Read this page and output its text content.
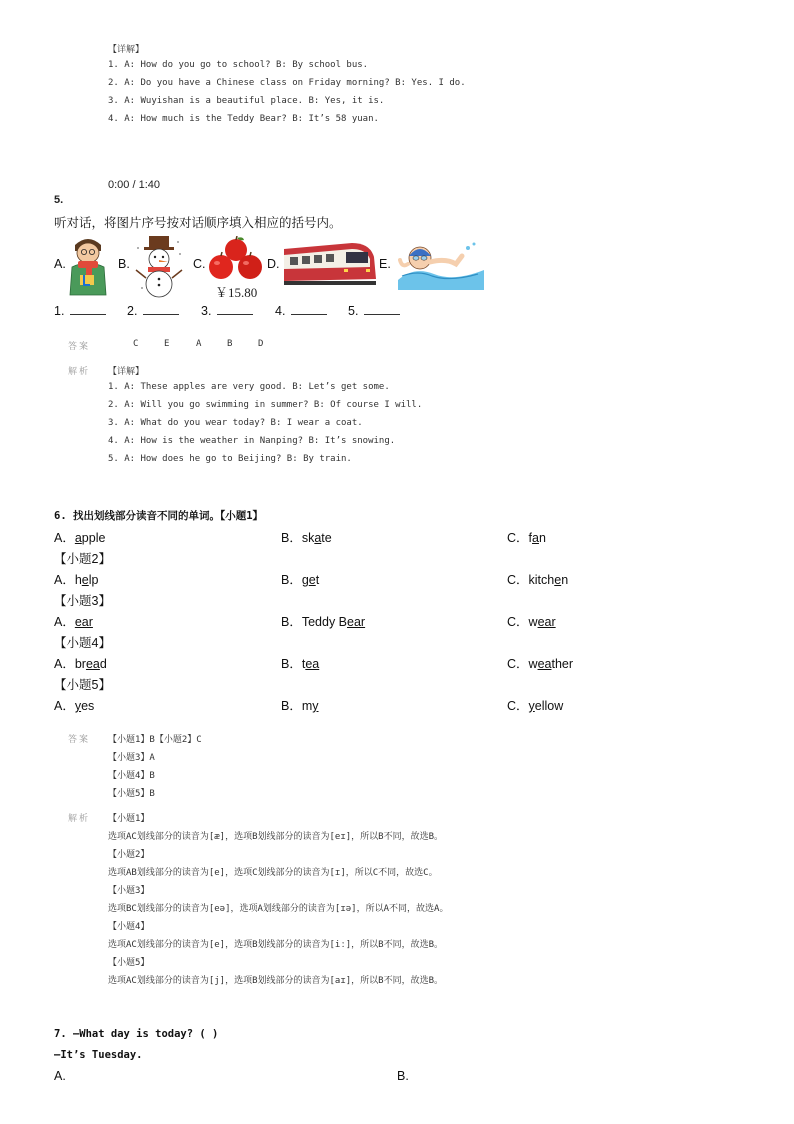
【详解】
1. A: How do you go to school? B: By school bus.
2. A: Do you have a Chinese class on Friday morning? B: Yes. I do.
3. A: Wuyishan is a beautiful place. B: Yes, it is.
4. A: How much is the Teddy Bear? B: It’s 58 yuan.
0:00 / 1:40
5.
听对话，将图片序号按对话顺序填入相应的括号内。
A.	B.	C.	D.	E.
￥15.80
1.	2.	3.	4.	5.
答案	C	E	A	B	D
解析 【详解】
1. A: These apples are very good. B: Let’s get some.
2. A: Will you go swimming in summer? B: Of course I will.
3. A: What do you wear today? B: I wear a coat.
4. A: How is the weather in Nanping? B: It’s snowing.
5. A: How does he go to Beijing? B: By train.
6. 找出划线部分读音不同的单词。【小题1】
A．apple	B．skate	C．fan
【小题2】
A．help	B．get	C．kitchen
【小题3】
A．ear	B．Teddy Bear	C．wear
【小题4】
A．bread	B．tea	C．weather
【小题5】
A．yes	B．my	C．yellow
答案 【小题1】B【小题2】C
【小题3】A
【小题4】B
【小题5】B
解析 【小题1】
选项AC划线部分的读音为[æ]，选项B划线部分的读音为[eɪ]，所以B不同，故选B。
【小题2】
选项AB划线部分的读音为[e]，选项C划线部分的读音为[ɪ]，所以C不同，故选C。
【小题3】
选项BC划线部分的读音为[eə]，选项A划线部分的读音为[ɪə]，所以A不同，故选A。
【小题4】
选项AC划线部分的读音为[e]，选项B划线部分的读音为[iː]，所以B不同，故选B。
【小题5】
选项AC划线部分的读音为[j]，选项B划线部分的读音为[aɪ]，所以B不同，故选B。
7. —What day is today? ( )
—It’s Tuesday.
A.	B.
